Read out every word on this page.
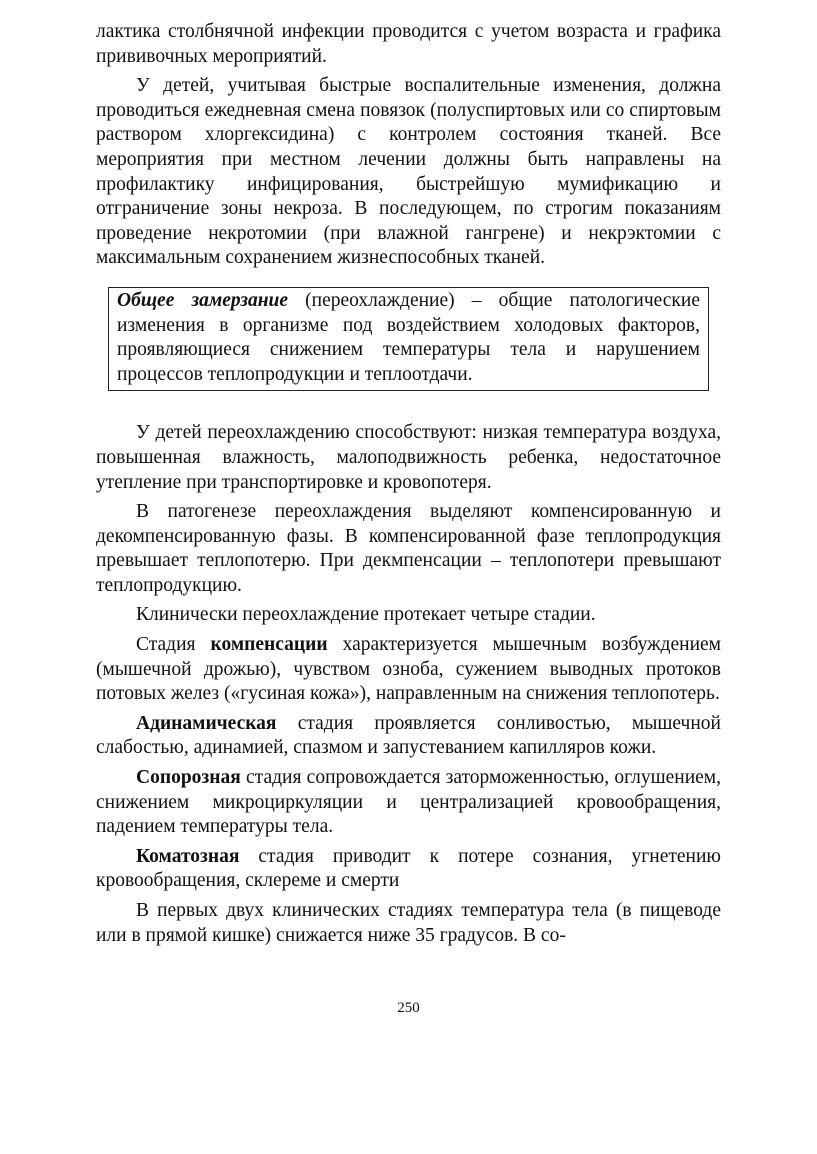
лактика столбнячной инфекции проводится с учетом возраста и графика прививочных мероприятий.

У детей, учитывая быстрые воспалительные изменения, должна проводиться ежедневная смена повязок (полуспиртовых или со спиртовым раствором хлоргексидина) с контролем состояния тканей. Все мероприятия при местном лечении должны быть направлены на профилактику инфицирования, быстрейшую мумификацию и отграничение зоны некроза. В последующем, по строгим показаниям проведение некротомии (при влажной гангрене) и некрэктомии с максимальным сохранением жизнеспособных тканей.

Общее замерзание (переохлаждение) – общие патологические изменения в организме под воздействием холодовых факторов, проявляющиеся снижением температуры тела и нарушением процессов теплопродукции и теплоотдачи.

У детей переохлаждению способствуют: низкая температура воздуха, повышенная влажность, малоподвижность ребенка, недостаточное утепление при транспортировке и кровопотеря.

В патогенезе переохлаждения выделяют компенсированную и декомпенсированную фазы. В компенсированной фазе теплопродукция превышает теплопотерю. При декмпенсации – теплопотери превышают теплопродукцию.

Клинически переохлаждение протекает четыре стадии.

Стадия компенсации характеризуется мышечным возбуждением (мышечной дрожью), чувством озноба, сужением выводных протоков потовых желез («гусиная кожа»), направленным на снижения теплопотерь.

Адинамическая стадия проявляется сонливостью, мышечной слабостью, адинамией, спазмом и запустеванием капилляров кожи.

Сопорозная стадия сопровождается заторможенностью, оглушением, снижением микроциркуляции и централизацией кровообращения, падением температуры тела.

Коматозная стадия приводит к потере сознания, угнетению кровообращения, склереме и смерти

В первых двух клинических стадиях температура тела (в пищеводе или в прямой кишке) снижается ниже 35 градусов. В со-

250
